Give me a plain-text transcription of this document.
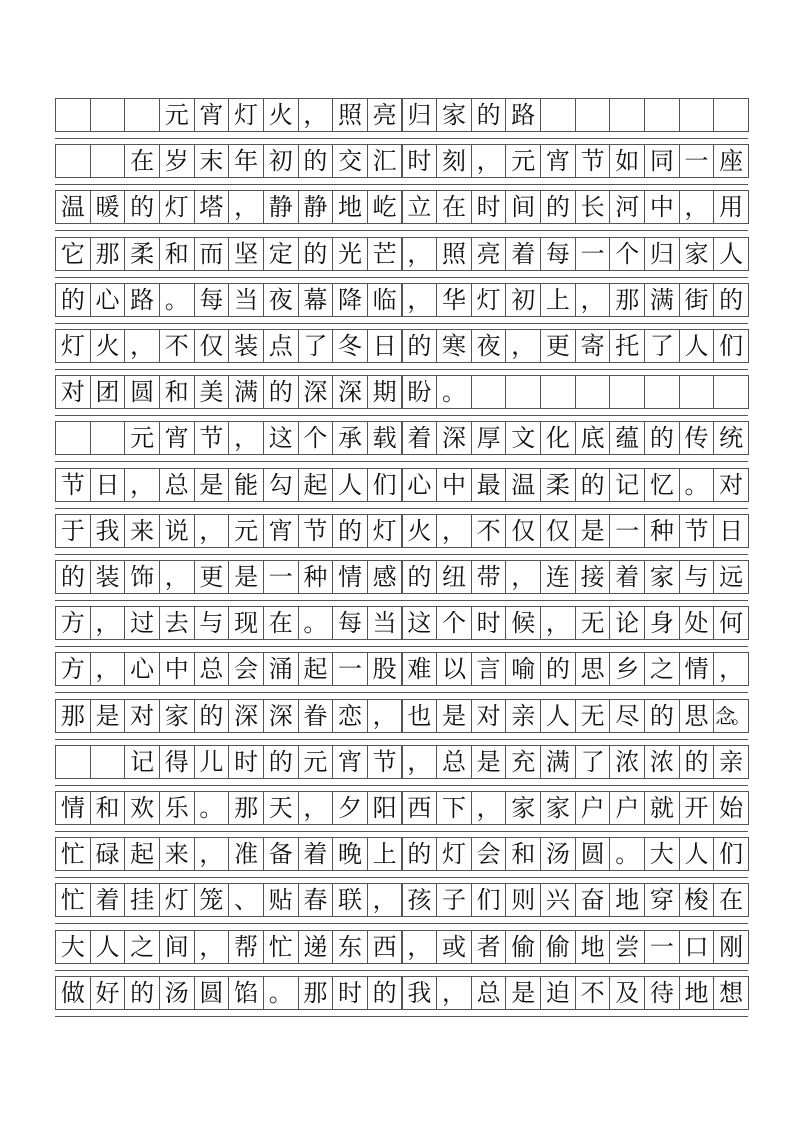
元 宵 灯 火 ， 照 亮 归 家 的 路
在 岁 末 年 初 的 交 汇 时 刻 ， 元 宵 节 如 同 一 座
温 暖 的 灯 塔 ， 静 静 地 屹 立 在 时 间 的 长 河 中 ， 用
它 那 柔 和 而 坚 定 的 光 芒 ， 照 亮 着 每 一 个 归 家 人
的 心 路 。 每 当 夜 幕 降 临 ， 华 灯 初 上 ， 那 满 街 的
灯 火 ， 不 仅 装 点 了 冬 日 的 寒 夜 ， 更 寄 托 了 人 们
对 团 圆 和 美 满 的 深 深 期 盼 。
元 宵 节 ， 这 个 承 载 着 深 厚 文 化 底 蕴 的 传 统
节 日 ， 总 是 能 勾 起 人 们 心 中 最 温 柔 的 记 忆 。 对
于 我 来 说 ， 元 宵 节 的 灯 火 ， 不 仅 仅 是 一 种 节 日
的 装 饰 ， 更 是 一 种 情 感 的 纽 带 ， 连 接 着 家 与 远
方 ， 过 去 与 现 在 。 每 当 这 个 时 候 ， 无 论 身 处 何
方 ， 心 中 总 会 涌 起 一 股 难 以 言 喻 的 思 乡 之 情 ，
那 是 对 家 的 深 深 眷 恋 ， 也 是 对 亲 人 无 尽 的 思 念。
记 得 儿 时 的 元 宵 节 ， 总 是 充 满 了 浓 浓 的 亲
情 和 欢 乐 。 那 天 ， 夕 阳 西 下 ， 家 家 户 户 就 开 始
忙 碌 起 来 ， 准 备 着 晚 上 的 灯 会 和 汤 圆 。 大 人 们
忙 着 挂 灯 笼 、 贴 春 联 ， 孩 子 们 则 兴 奋 地 穿 梭 在
大 人 之 间 ， 帮 忙 递 东 西 ， 或 者 偷 偷 地 尝 一 口 刚
做 好 的 汤 圆 馅 。 那 时 的 我 ， 总 是 迫 不 及 待 地 想
